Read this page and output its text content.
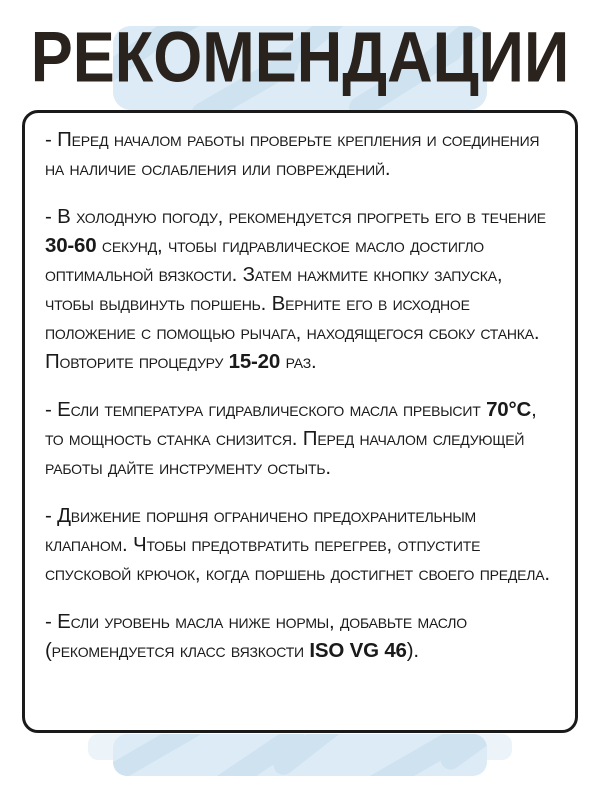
РЕКОМЕНДАЦИИ

- Перед началом работы проверьте крепления и соединения на наличие ослабления или повреждений.

- В холодную погоду, рекомендуется прогреть его в течение 30-60 секунд, чтобы гидравлическое масло достигло оптимальной вязкости. Затем нажмите кнопку запуска, чтобы выдвинуть поршень. Верните его в исходное положение с помощью рычага, находящегося сбоку станка. Повторите процедуру 15-20 раз.

- Если температура гидравлического масла превысит 70°C, то мощность станка снизится. Перед началом следующей работы дайте инструменту остыть.

- Движение поршня ограничено предохранительным клапаном. Чтобы предотвратить перегрев, отпустите спусковой крючок, когда поршень достигнет своего предела.

- Если уровень масла ниже нормы, добавьте масло (рекомендуется класс вязкости ISO VG 46).
